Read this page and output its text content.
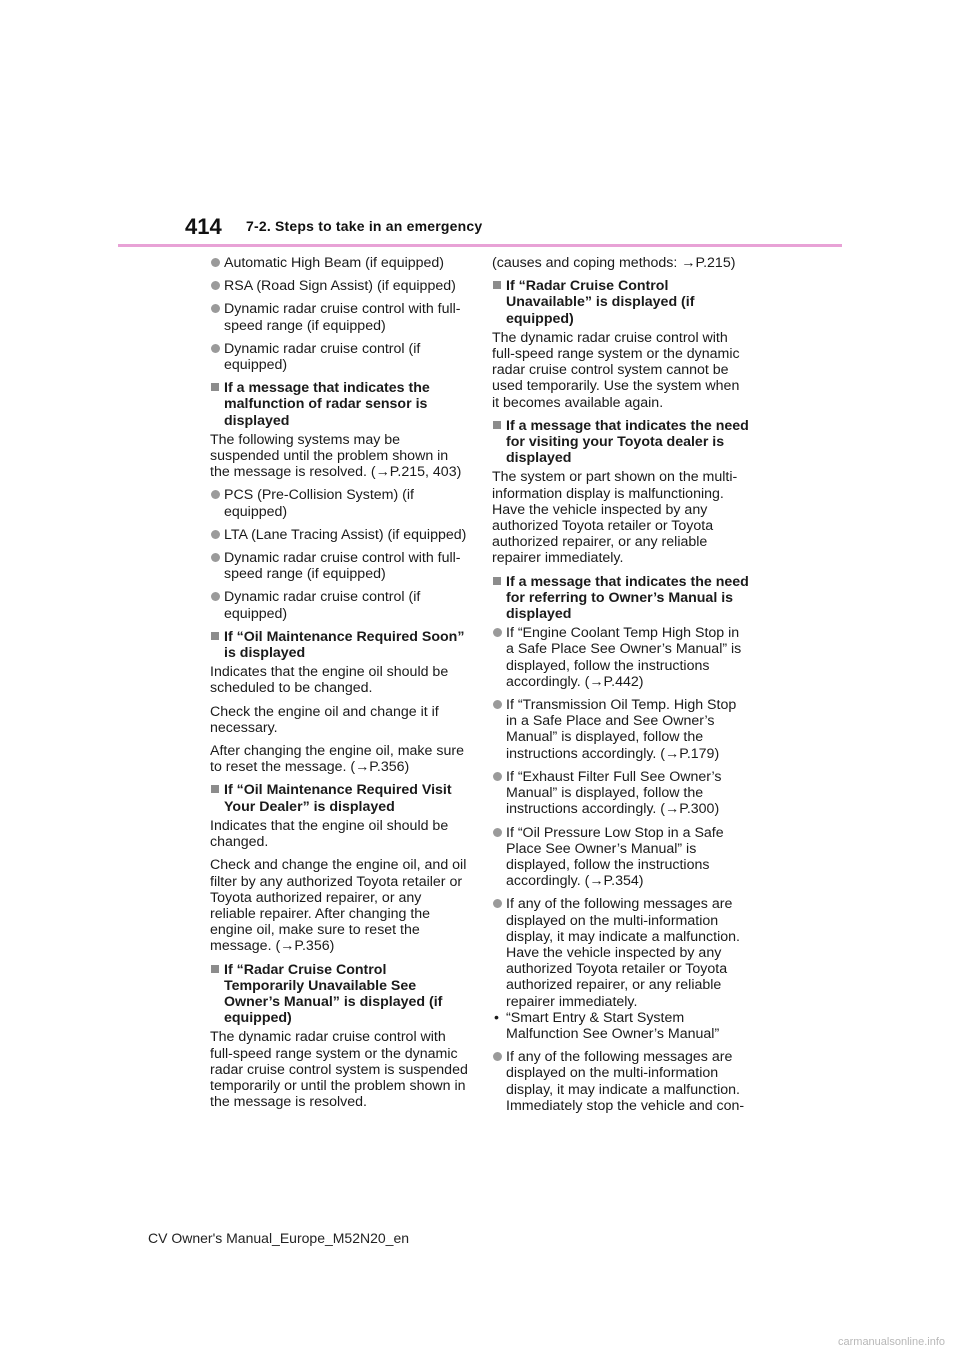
414 7-2. Steps to take in an emergency
Automatic High Beam (if equipped)
RSA (Road Sign Assist) (if equipped)
Dynamic radar cruise control with full-speed range (if equipped)
Dynamic radar cruise control (if equipped)
If a message that indicates the malfunction of radar sensor is displayed
The following systems may be suspended until the problem shown in the message is resolved. (→P.215, 403)
PCS (Pre-Collision System) (if equipped)
LTA (Lane Tracing Assist) (if equipped)
Dynamic radar cruise control with full-speed range (if equipped)
Dynamic radar cruise control (if equipped)
If “Oil Maintenance Required Soon” is displayed
Indicates that the engine oil should be scheduled to be changed.
Check the engine oil and change it if necessary.
After changing the engine oil, make sure to reset the message. (→P.356)
If “Oil Maintenance Required Visit Your Dealer” is displayed
Indicates that the engine oil should be changed.
Check and change the engine oil, and oil filter by any authorized Toyota retailer or Toyota authorized repairer, or any reliable repairer. After changing the engine oil, make sure to reset the message. (→P.356)
If “Radar Cruise Control Temporarily Unavailable See Owner’s Manual” is displayed (if equipped)
The dynamic radar cruise control with full-speed range system or the dynamic radar cruise control system is suspended temporarily or until the problem shown in the message is resolved.
(causes and coping methods: →P.215)
If “Radar Cruise Control Unavailable” is displayed (if equipped)
The dynamic radar cruise control with full-speed range system or the dynamic radar cruise control system cannot be used temporarily. Use the system when it becomes available again.
If a message that indicates the need for visiting your Toyota dealer is displayed
The system or part shown on the multi-information display is malfunctioning. Have the vehicle inspected by any authorized Toyota retailer or Toyota authorized repairer, or any reliable repairer immediately.
If a message that indicates the need for referring to Owner’s Manual is displayed
If “Engine Coolant Temp High Stop in a Safe Place See Owner’s Manual” is displayed, follow the instructions accordingly. (→P.442)
If “Transmission Oil Temp. High Stop in a Safe Place and See Owner’s Manual” is displayed, follow the instructions accordingly. (→P.179)
If “Exhaust Filter Full See Owner’s Manual” is displayed, follow the instructions accordingly. (→P.300)
If “Oil Pressure Low Stop in a Safe Place See Owner’s Manual” is displayed, follow the instructions accordingly. (→P.354)
If any of the following messages are displayed on the multi-information display, it may indicate a malfunction. Have the vehicle inspected by any authorized Toyota retailer or Toyota authorized repairer, or any reliable repairer immediately.
• “Smart Entry & Start System Malfunction See Owner’s Manual”
If any of the following messages are displayed on the multi-information display, it may indicate a malfunction. Immediately stop the vehicle and con-
CV Owner's Manual_Europe_M52N20_en
carmanualsonline.info
